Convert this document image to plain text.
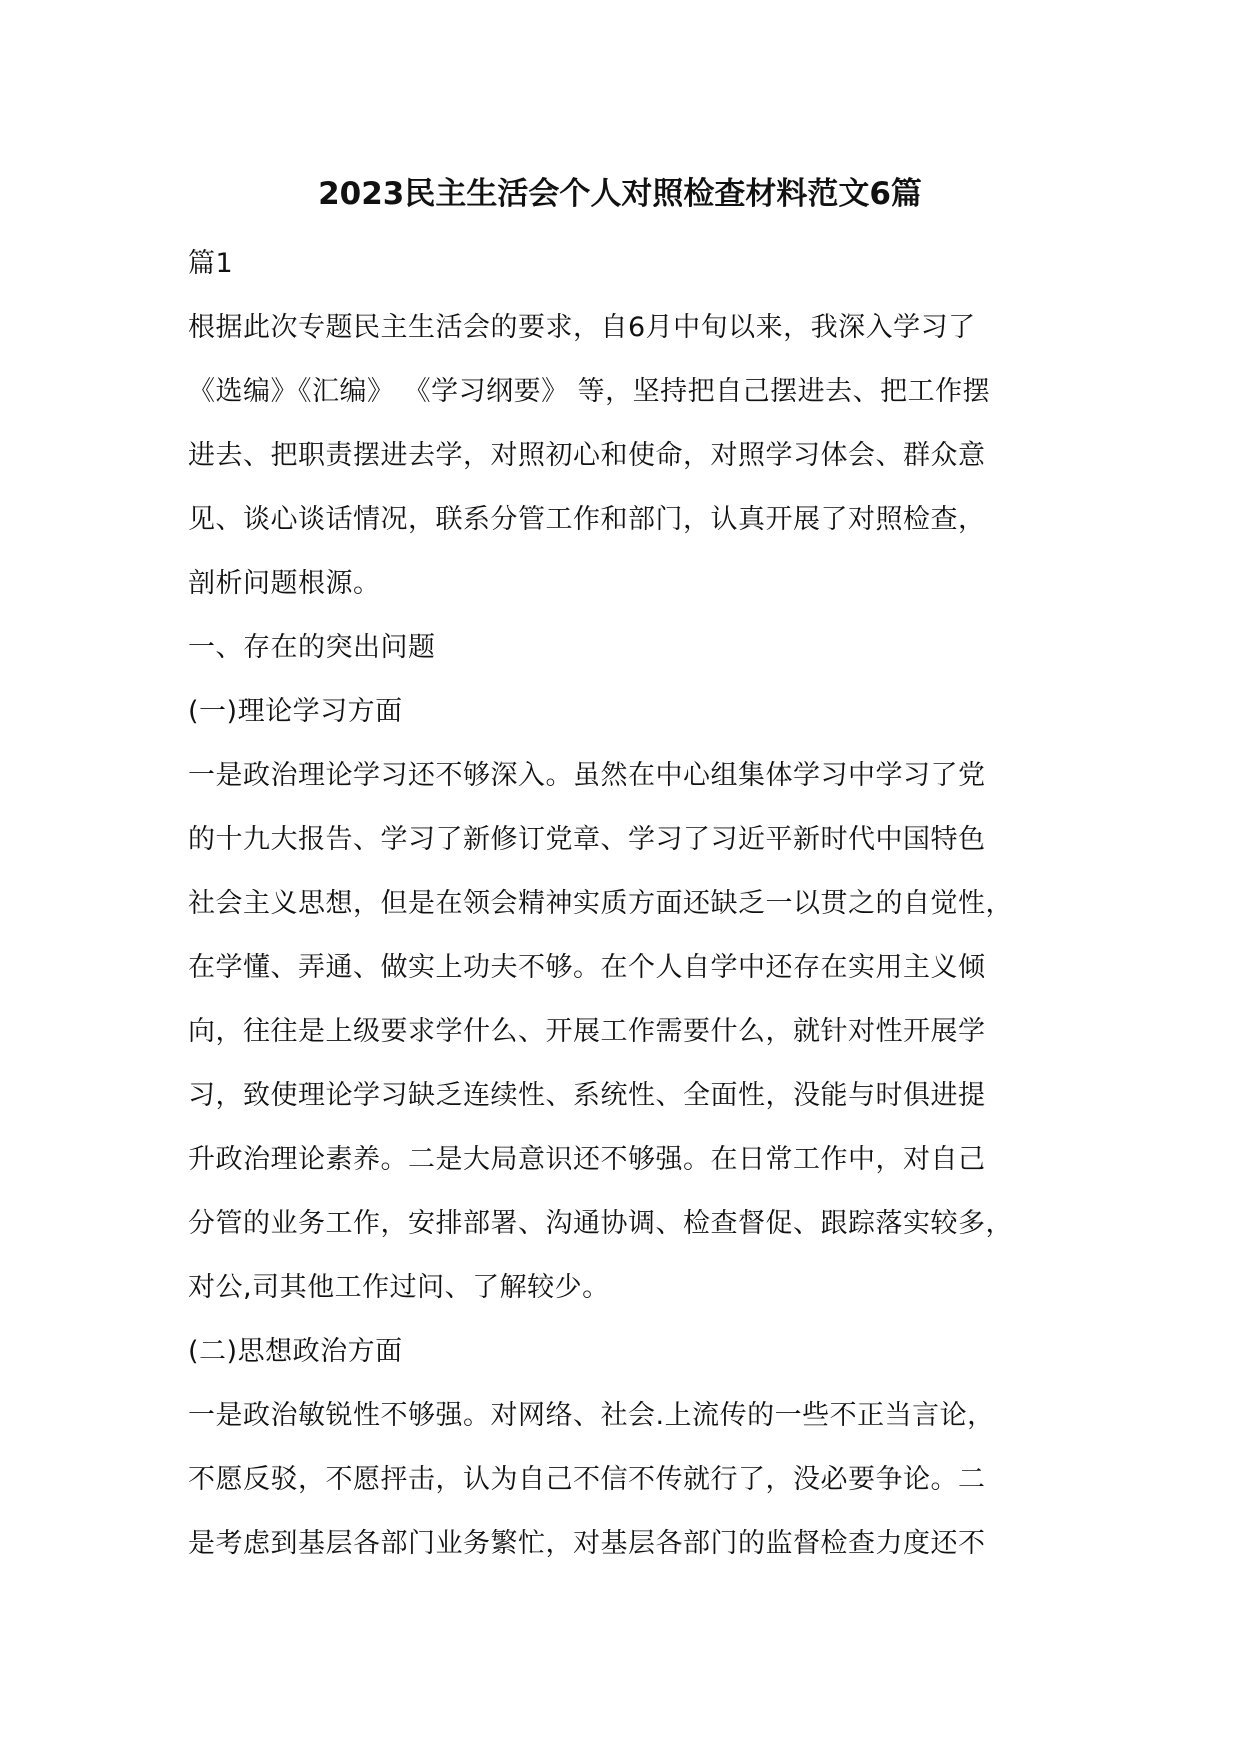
2023民主生活会个人对照检查材料范文6篇
篇1
根据此次专题民主生活会的要求，自6月中旬以来，我深入学习了
《选编》《汇编》 《学习纲要》 等，坚持把自己摆进去、把工作摆
进去、把职责摆进去学，对照初心和使命，对照学习体会、群众意
见、谈心谈话情况，联系分管工作和部门，认真开展了对照检查，
剖析问题根源。
一、存在的突出问题
(一)理论学习方面
一是政治理论学习还不够深入。虽然在中心组集体学习中学习了党
的十九大报告、学习了新修订党章、学习了习近平新时代中国特色
社会主义思想，但是在领会精神实质方面还缺乏一以贯之的自觉性，
在学懂、弄通、做实上功夫不够。在个人自学中还存在实用主义倾
向，往往是上级要求学什么、开展工作需要什么，就针对性开展学
习，致使理论学习缺乏连续性、系统性、全面性，没能与时俱进提
升政治理论素养。二是大局意识还不够强。在日常工作中，对自己
分管的业务工作，安排部署、沟通协调、检查督促、跟踪落实较多，
对公,司其他工作过问、了解较少。
(二)思想政治方面
一是政治敏锐性不够强。对网络、社会.上流传的一些不正当言论，
不愿反驳，不愿抨击，认为自己不信不传就行了，没必要争论。二
是考虑到基层各部门业务繁忙，对基层各部门的监督检查力度还不
